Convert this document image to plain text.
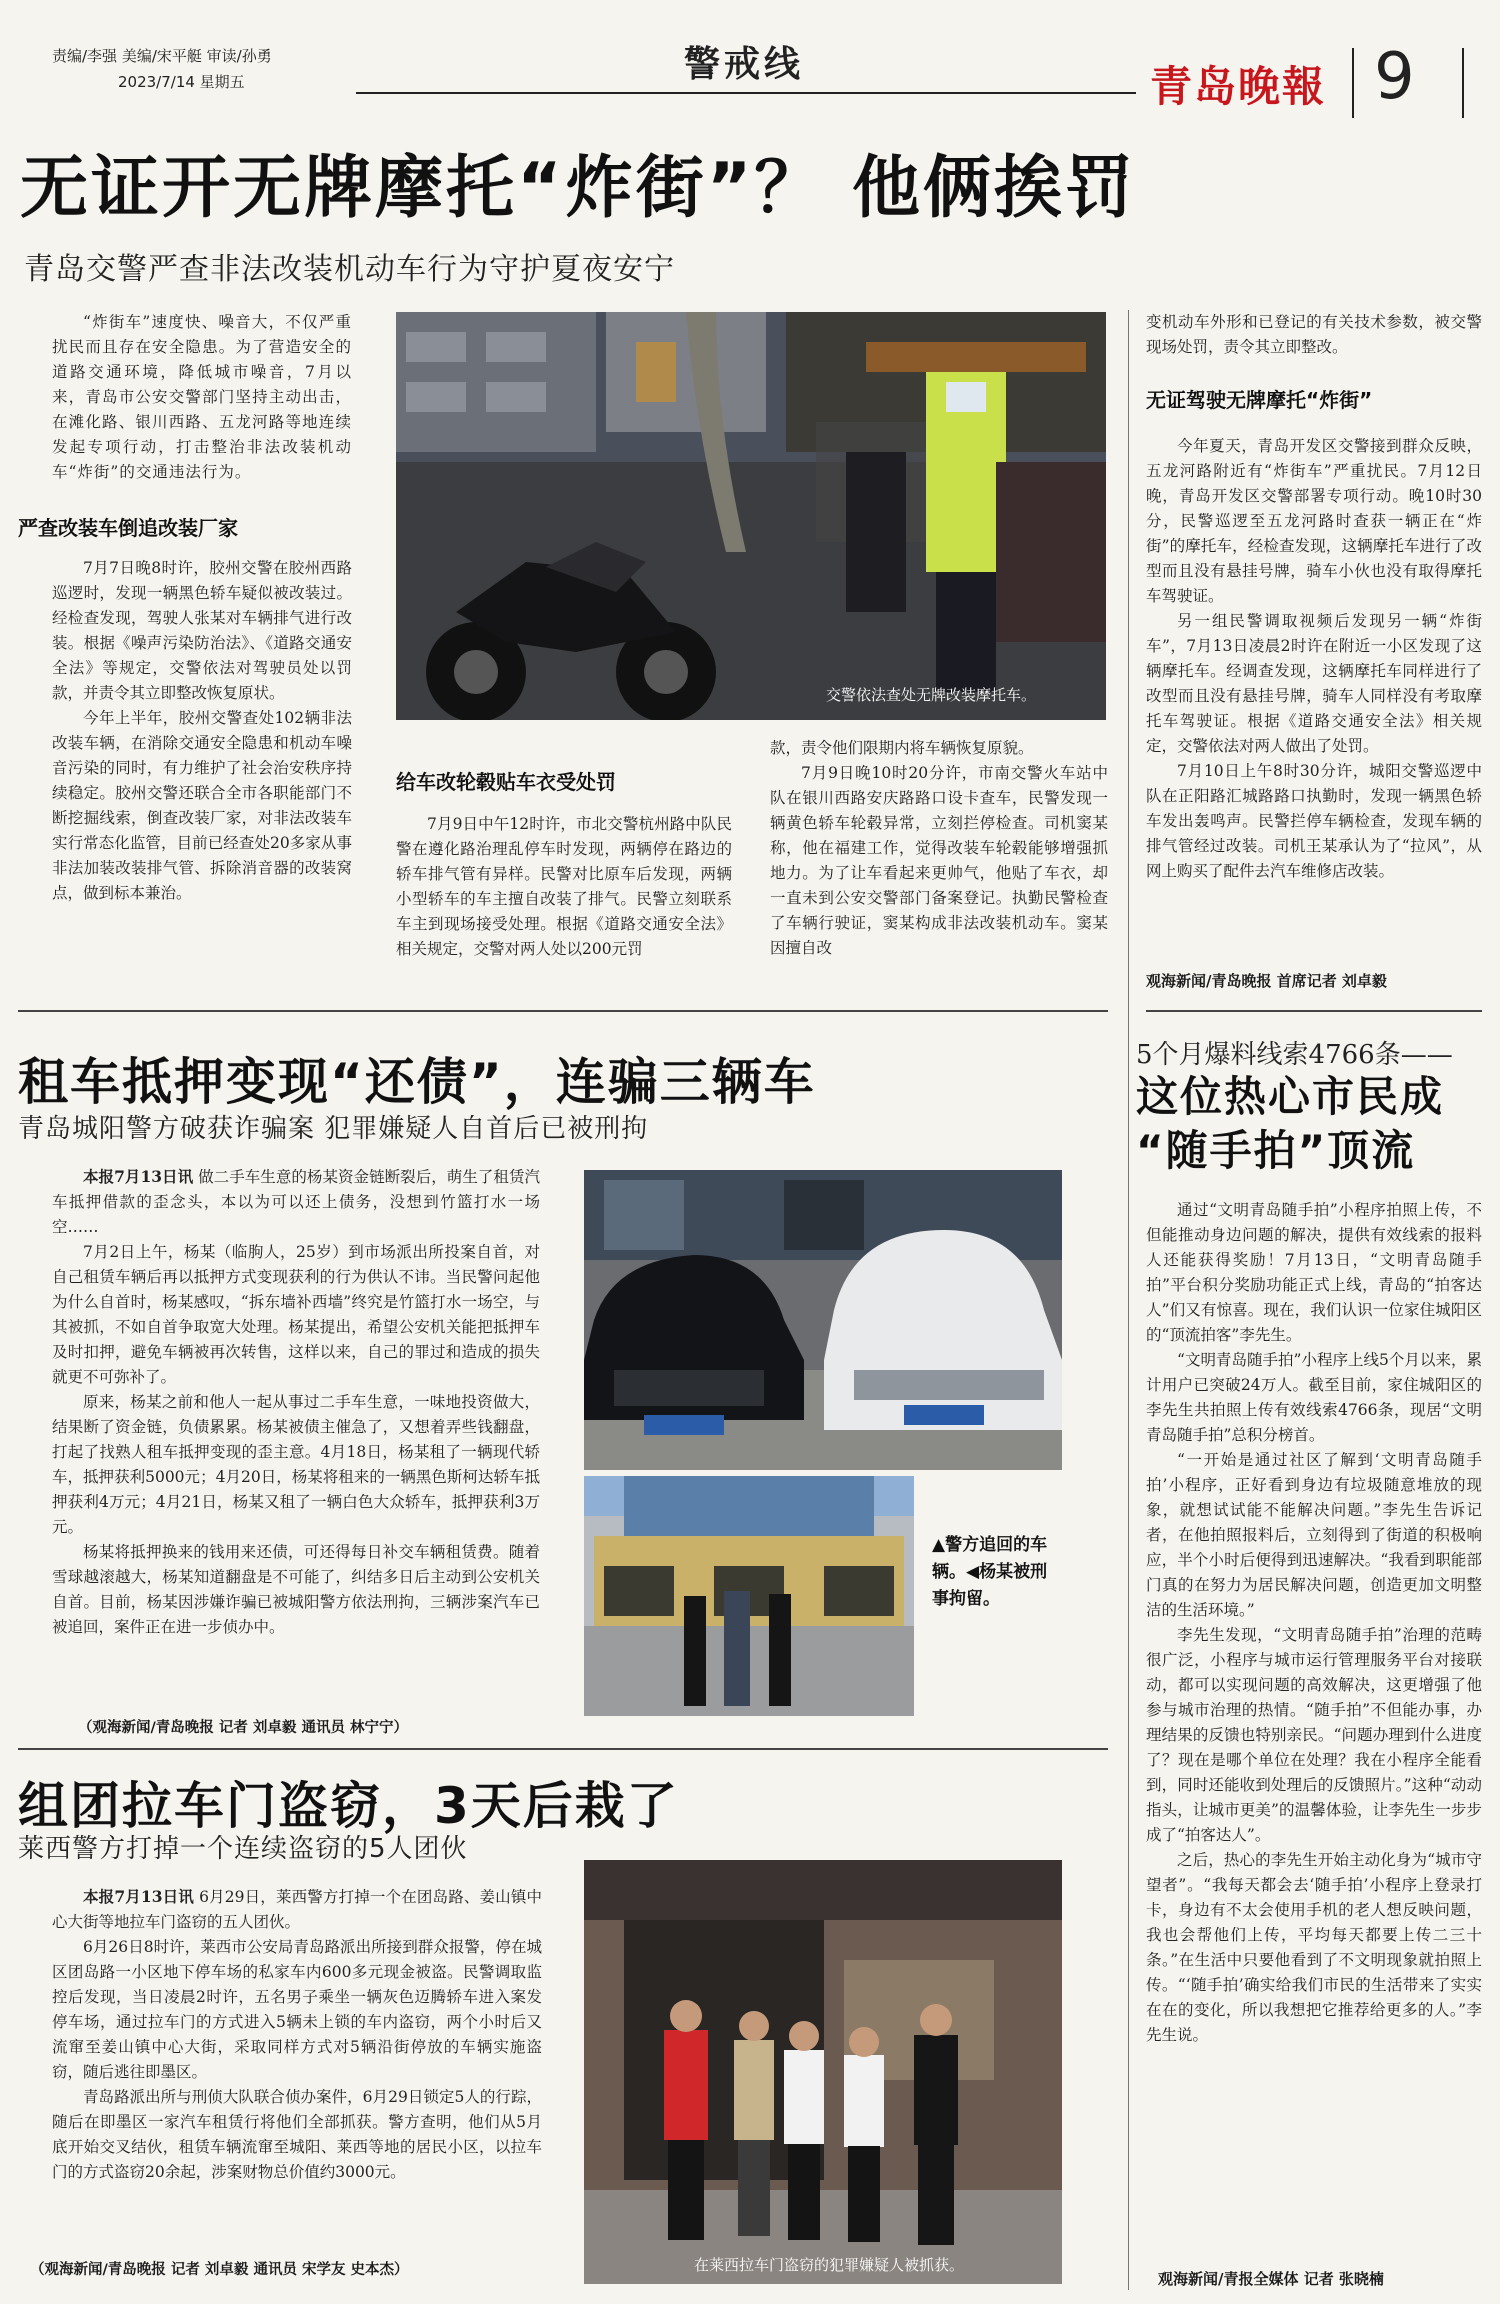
责编/李强 美编/宋平艇 审读/孙勇
2023/7/14 星期五	警戒线	青岛晚報 9
无证开无牌摩托“炸街”？ 他俩挨罚
青岛交警严查非法改装机动车行为守护夏夜安宁

“炸街车”速度快、噪音大，不仅严重扰民而且存在安全隐患。为了营造安全的道路交通环境，降低城市噪音，7月以来，青岛市公安交警部门坚持主动出击，在滩化路、银川西路、五龙河路等地连续发起专项行动，打击整治非法改装机动车“炸街”的交通违法行为。

严查改装车倒追改装厂家

7月7日晚8时许，胶州交警在胶州西路巡逻时，发现一辆黑色轿车疑似被改装过。经检查发现，驾驶人张某对车辆排气进行改装。根据《噪声污染防治法》、《道路交通安全法》等规定，交警依法对驾驶员处以罚款，并责令其立即整改恢复原状。

今年上半年，胶州交警查处102辆非法改装车辆，在消除交通安全隐患和机动车噪音污染的同时，有力维护了社会治安秩序持续稳定。胶州交警还联合全市各职能部门不断挖掘线索，倒查改装厂家，对非法改装车实行常态化监管，目前已经查处20多家从事非法加装改装排气管、拆除消音器的改装窝点，做到标本兼治。

交警依法查处无牌改装摩托车。
给车改轮毂贴车衣受处罚

7月9日中午12时许，市北交警杭州路中队民警在遵化路治理乱停车时发现，两辆停在路边的轿车排气管有异样。民警对比原车后发现，两辆小型轿车的车主擅自改装了排气。民警立刻联系车主到现场接受处理。根据《道路交通安全法》相关规定，交警对两人处以200元罚

款，责令他们限期内将车辆恢复原貌。

7月9日晚10时20分许，市南交警火车站中队在银川西路安庆路路口设卡查车，民警发现一辆黄色轿车轮毂异常，立刻拦停检查。司机窦某称，他在福建工作，觉得改装车轮毂能够增强抓地力。为了让车看起来更帅气，他贴了车衣，却一直未到公安交警部门备案登记。执勤民警检查了车辆行驶证，窦某构成非法改装机动车。窦某因擅自改

变机动车外形和已登记的有关技术参数，被交警现场处罚，责令其立即整改。
无证驾驶无牌摩托“炸街”

今年夏天，青岛开发区交警接到群众反映，五龙河路附近有“炸街车”严重扰民。7月12日晚，青岛开发区交警部署专项行动。晚10时30分，民警巡逻至五龙河路时查获一辆正在“炸街”的摩托车，经检查发现，这辆摩托车进行了改型而且没有悬挂号牌，骑车小伙也没有取得摩托车驾驶证。

另一组民警调取视频后发现另一辆“炸街车”，7月13日凌晨2时许在附近一小区发现了这辆摩托车。经调查发现，这辆摩托车同样进行了改型而且没有悬挂号牌，骑车人同样没有考取摩托车驾驶证。根据《道路交通安全法》相关规定，交警依法对两人做出了处罚。

7月10日上午8时30分许，城阳交警巡逻中队在正阳路汇城路路口执勤时，发现一辆黑色轿车发出轰鸣声。民警拦停车辆检查，发现车辆的排气管经过改装。司机王某承认为了“拉风”，从网上购买了配件去汽车维修店改装。

观海新闻/青岛晚报 首席记者 刘卓毅
租车抵押变现“还债”，连骗三辆车
青岛城阳警方破获诈骗案 犯罪嫌疑人自首后已被刑拘

本报7月13日讯 做二手车生意的杨某资金链断裂后，萌生了租赁汽车抵押借款的歪念头，本以为可以还上债务，没想到竹篮打水一场空……

7月2日上午，杨某（临朐人，25岁）到市场派出所投案自首，对自己租赁车辆后再以抵押方式变现获利的行为供认不讳。当民警问起他为什么自首时，杨某感叹，“拆东墙补西墙”终究是竹篮打水一场空，与其被抓，不如自首争取宽大处理。杨某提出，希望公安机关能把抵押车及时扣押，避免车辆被再次转售，这样以来，自己的罪过和造成的损失就更不可弥补了。

原来，杨某之前和他人一起从事过二手车生意，一味地投资做大，结果断了资金链，负债累累。杨某被债主催急了，又想着弄些钱翻盘，打起了找熟人租车抵押变现的歪主意。4月18日，杨某租了一辆现代轿车，抵押获利5000元；4月20日，杨某将租来的一辆黑色斯柯达轿车抵押获利4万元；4月21日，杨某又租了一辆白色大众轿车，抵押获利3万元。

杨某将抵押换来的钱用来还债，可还得每日补交车辆租赁费。随着雪球越滚越大，杨某知道翻盘是不可能了，纠结多日后主动到公安机关自首。目前，杨某因涉嫌诈骗已被城阳警方依法刑拘，三辆涉案汽车已被追回，案件正在进一步侦办中。

（观海新闻/青岛晚报 记者 刘卓毅 通讯员 林宁宁）
▲警方追回的车辆。◀杨某被刑事拘留。
组团拉车门盗窃，3天后栽了
莱西警方打掉一个连续盗窃的5人团伙

本报7月13日讯 6月29日，莱西警方打掉一个在团岛路、姜山镇中心大街等地拉车门盗窃的五人团伙。

6月26日8时许，莱西市公安局青岛路派出所接到群众报警，停在城区团岛路一小区地下停车场的私家车内600多元现金被盗。民警调取监控后发现，当日凌晨2时许，五名男子乘坐一辆灰色迈腾轿车进入案发停车场，通过拉车门的方式进入5辆未上锁的车内盗窃，两个小时后又流窜至姜山镇中心大街，采取同样方式对5辆沿街停放的车辆实施盗窃，随后逃往即墨区。

青岛路派出所与刑侦大队联合侦办案件，6月29日锁定5人的行踪，随后在即墨区一家汽车租赁行将他们全部抓获。警方查明，他们从5月底开始交叉结伙，租赁车辆流窜至城阳、莱西等地的居民小区，以拉车门的方式盗窃20余起，涉案财物总价值约3000元。

（观海新闻/青岛晚报 记者 刘卓毅 通讯员 宋学友 史本杰）	在莱西拉车门盗窃的犯罪嫌疑人被抓获。
5个月爆料线索4766条——
这位热心市民成
“随手拍”顶流

通过“文明青岛随手拍”小程序拍照上传，不但能推动身边问题的解决，提供有效线索的报料人还能获得奖励！7月13日，“文明青岛随手拍”平台积分奖励功能正式上线，青岛的“拍客达人”们又有惊喜。现在，我们认识一位家住城阳区的“顶流拍客”李先生。

“文明青岛随手拍”小程序上线5个月以来，累计用户已突破24万人。截至目前，家住城阳区的李先生共拍照上传有效线索4766条，现居“文明青岛随手拍”总积分榜首。

“一开始是通过社区了解到‘文明青岛随手拍’小程序，正好看到身边有垃圾随意堆放的现象，就想试试能不能解决问题。”李先生告诉记者，在他拍照报料后，立刻得到了街道的积极响应，半个小时后便得到迅速解决。“我看到职能部门真的在努力为居民解决问题，创造更加文明整洁的生活环境。”

李先生发现，“文明青岛随手拍”治理的范畴很广泛，小程序与城市运行管理服务平台对接联动，都可以实现问题的高效解决，这更增强了他参与城市治理的热情。“随手拍”不但能办事，办理结果的反馈也特别亲民。“问题办理到什么进度了？现在是哪个单位在处理？我在小程序全能看到，同时还能收到处理后的反馈照片。”这种“动动指头，让城市更美”的温馨体验，让李先生一步步成了“拍客达人”。

之后，热心的李先生开始主动化身为“城市守望者”。“我每天都会去‘随手拍’小程序上登录打卡，身边有不太会使用手机的老人想反映问题，我也会帮他们上传，平均每天都要上传二三十条。”在生活中只要他看到了不文明现象就拍照上传。“‘随手拍’确实给我们市民的生活带来了实实在在的变化，所以我想把它推荐给更多的人。”李先生说。

观海新闻/青报全媒体 记者 张晓楠
